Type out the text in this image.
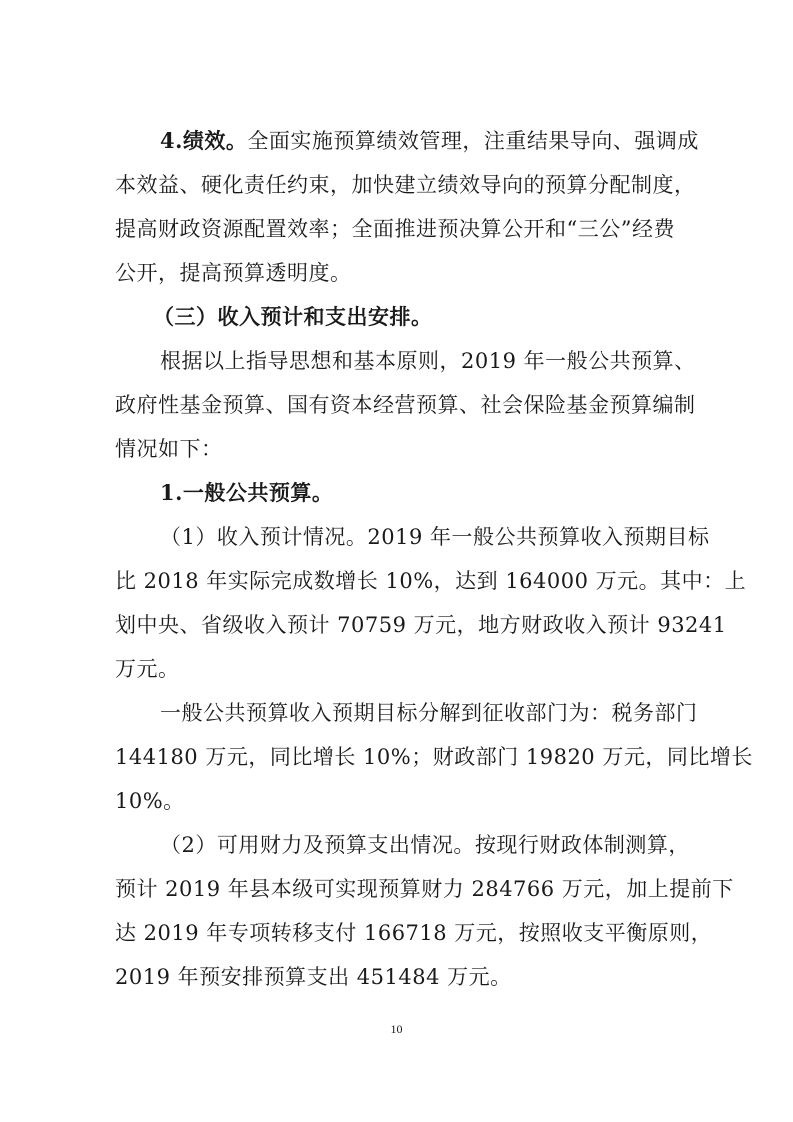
4.绩效。全面实施预算绩效管理，注重结果导向、强调成
本效益、硬化责任约束，加快建立绩效导向的预算分配制度，
提高财政资源配置效率；全面推进预决算公开和“三公”经费
公开，提高预算透明度。
（三）收入预计和支出安排。
根据以上指导思想和基本原则，2019 年一般公共预算、
政府性基金预算、国有资本经营预算、社会保险基金预算编制
情况如下：
1.一般公共预算。
（1）收入预计情况。2019 年一般公共预算收入预期目标
比 2018 年实际完成数增长 10%，达到 164000 万元。其中：上
划中央、省级收入预计 70759 万元，地方财政收入预计 93241
万元。
一般公共预算收入预期目标分解到征收部门为：税务部门
144180 万元，同比增长 10%；财政部门 19820 万元，同比增长
10%。
（2）可用财力及预算支出情况。按现行财政体制测算，
预计 2019 年县本级可实现预算财力 284766 万元，加上提前下
达 2019 年专项转移支付 166718 万元，按照收支平衡原则，
2019 年预安排预算支出 451484 万元。
10
